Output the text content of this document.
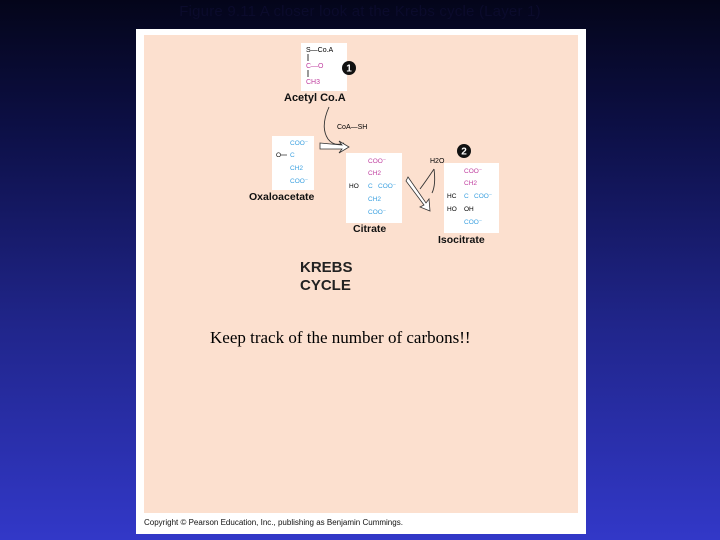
Figure 9.11 A closer look at the Krebs cycle (Layer 1)
S—Co.A
C—O
CH3
1
Acetyl Co.A
CoA—SH
COO⁻
O C
CH2
COO⁻
Oxaloacetate
COO⁻
CH2
HO C COO⁻
CH2
COO⁻
Citrate
H2O
2
COO⁻
CH2
HC C COO⁻
HO OH
COO⁻
Isocitrate
KREBS
CYCLE
Copyright © Pearson Education, Inc., publishing as Benjamin Cummings.
Keep track of the number of carbons!!
